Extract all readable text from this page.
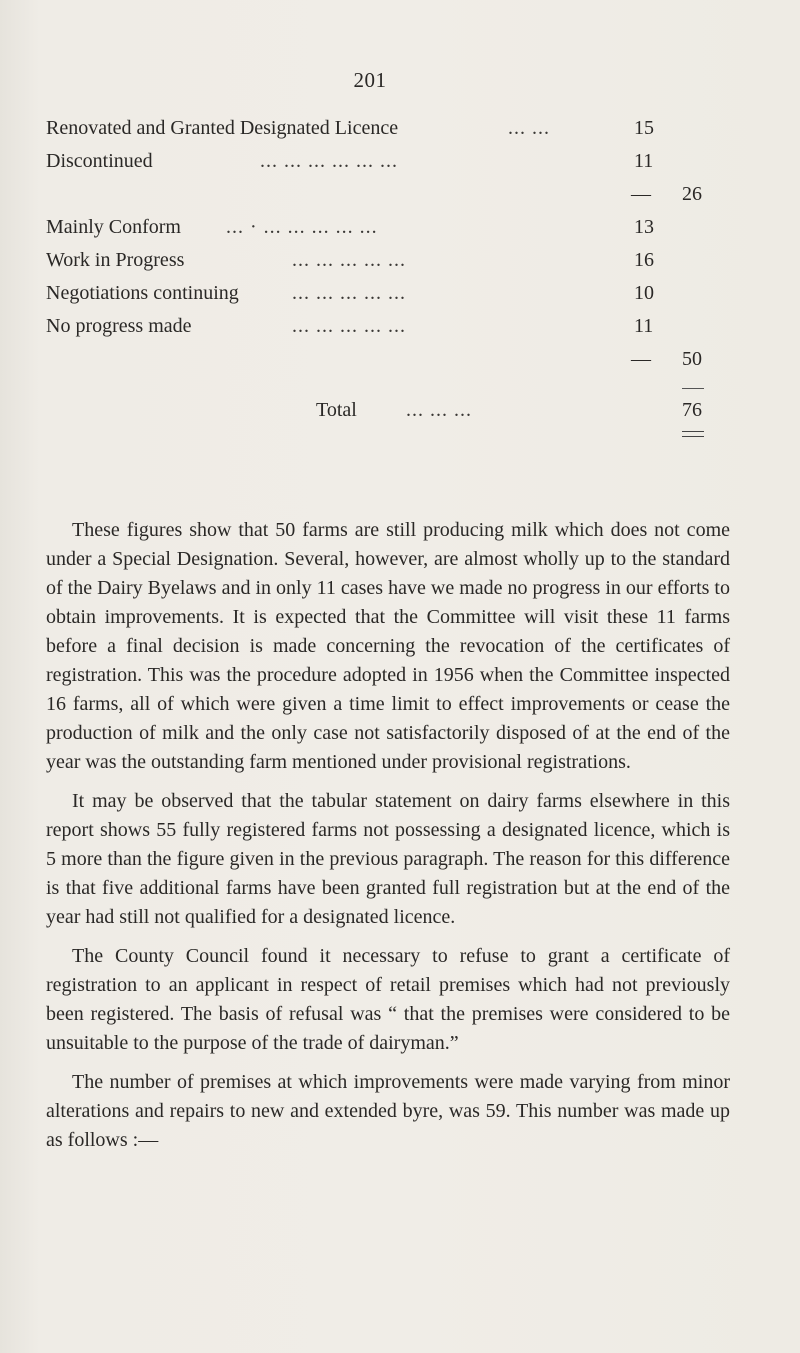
201
Renovated and Granted Designated Licence	... ...	15
Discontinued	... ... ... ... ... ...	11
— 26
Mainly Conform ... · ... ... ... ... ...	13
Work in Progress	... ... ... ... ...	16
Negotiations continuing	... ... ... ... ...	10
No progress made	... ... ... ... ...	11
— 50
Total ... ... ...	76

These figures show that 50 farms are still producing milk which does not come under a Special Designation. Several, however, are almost wholly up to the standard of the Dairy Byelaws and in only 11 cases have we made no progress in our efforts to obtain improvements. It is expected that the Committee will visit these 11 farms before a final decision is made concerning the revocation of the certificates of registration. This was the procedure adopted in 1956 when the Committee inspected 16 farms, all of which were given a time limit to effect improvements or cease the production of milk and the only case not satisfactorily disposed of at the end of the year was the outstanding farm mentioned under provisional registrations.

It may be observed that the tabular statement on dairy farms elsewhere in this report shows 55 fully registered farms not possessing a designated licence, which is 5 more than the figure given in the previous paragraph. The reason for this difference is that five additional farms have been granted full registration but at the end of the year had still not qualified for a designated licence.

The County Council found it necessary to refuse to grant a certificate of registration to an applicant in respect of retail premises which had not previously been registered. The basis of refusal was “ that the premises were considered to be unsuitable to the purpose of the trade of dairyman.”

The number of premises at which improvements were made varying from minor alterations and repairs to new and extended byre, was 59. This number was made up as follows :—
